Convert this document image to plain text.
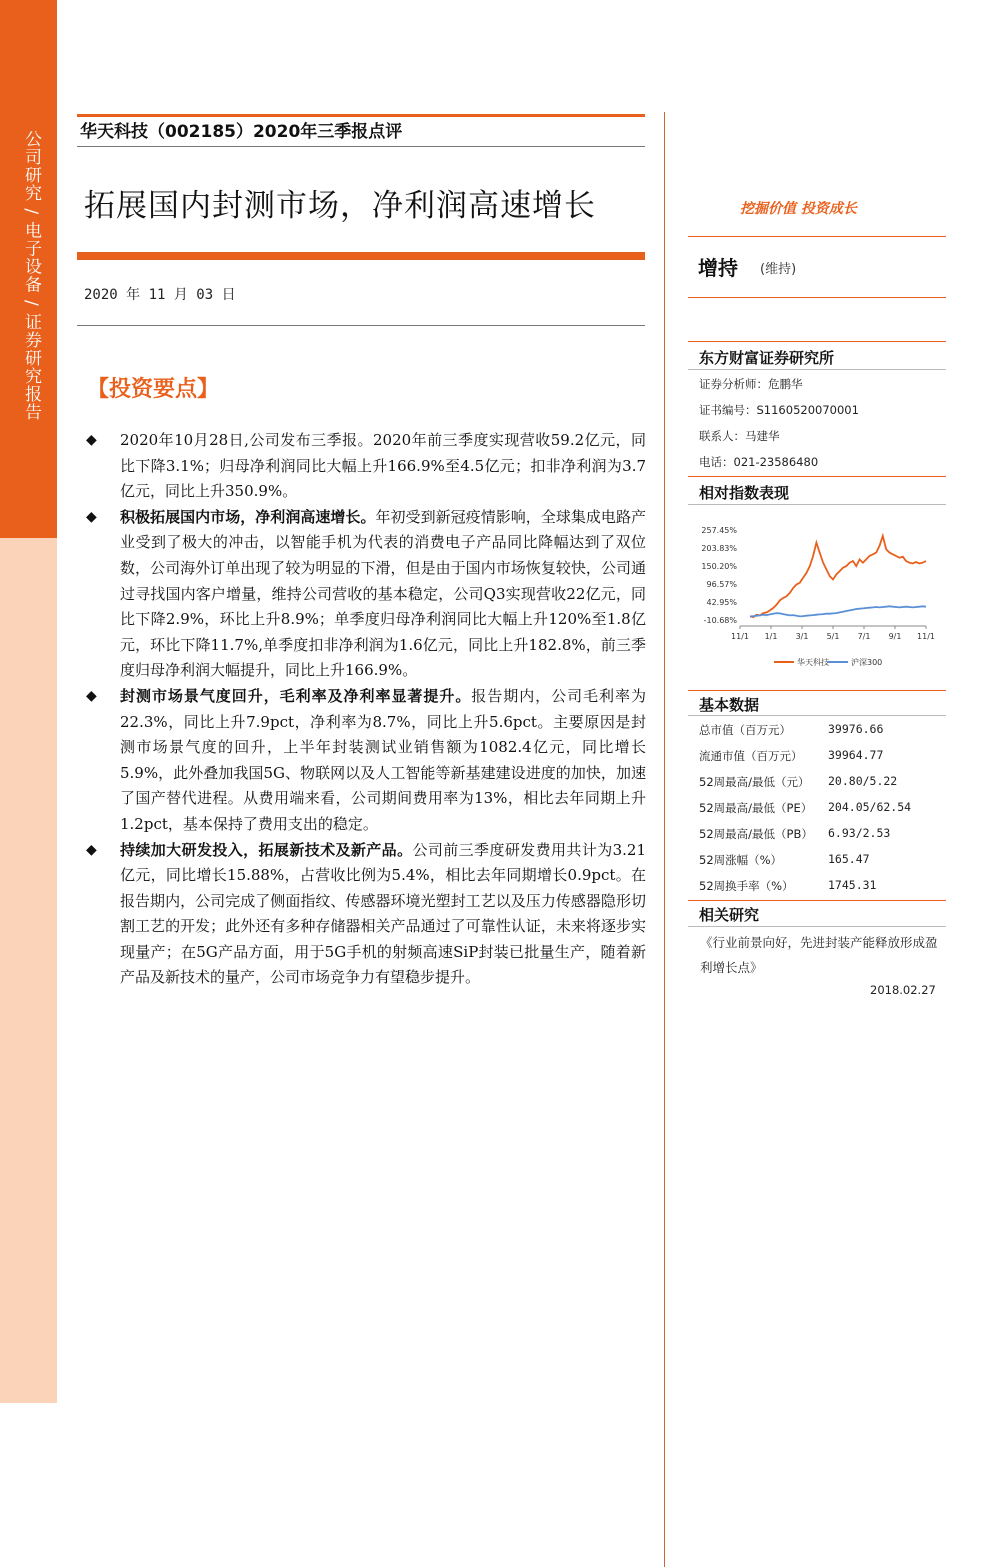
公司研究 / 电子设备 / 证券研究报告 华天科技（002185）2020年三季报点评
拓展国内封测市场，净利润高速增长
2020 年 11 月 03 日
【投资要点】
◆ 2020年10月28日,公司发布三季报。2020年前三季度实现营收59.2亿元，同比下降3.1%；归母净利润同比大幅上升166.9%至4.5亿元；扣非净利润为3.7亿元，同比上升350.9%。
◆ 积极拓展国内市场，净利润高速增长。年初受到新冠疫情影响，全球集成电路产业受到了极大的冲击，以智能手机为代表的消费电子产品同比降幅达到了双位数，公司海外订单出现了较为明显的下滑，但是由于国内市场恢复较快，公司通过寻找国内客户增量，维持公司营收的基本稳定，公司Q3实现营收22亿元，同比下降2.9%，环比上升8.9%；单季度归母净利润同比大幅上升120%至1.8亿元，环比下降11.7%,单季度扣非净利润为1.6亿元，同比上升182.8%，前三季度归母净利润大幅提升，同比上升166.9%。
◆ 封测市场景气度回升，毛利率及净利率显著提升。报告期内，公司毛利率为22.3%，同比上升7.9pct，净利率为8.7%，同比上升5.6pct。主要原因是封测市场景气度的回升，上半年封装测试业销售额为1082.4亿元，同比增长5.9%，此外叠加我国5G、物联网以及人工智能等新基建建设进度的加快，加速了国产替代进程。从费用端来看，公司期间费用率为13%，相比去年同期上升1.2pct，基本保持了费用支出的稳定。
◆ 持续加大研发投入，拓展新技术及新产品。公司前三季度研发费用共计为3.21亿元，同比增长15.88%，占营收比例为5.4%，相比去年同期增长0.9pct。在报告期内，公司完成了侧面指纹、传感器环境光塑封工艺以及压力传感器隐形切割工艺的开发；此外还有多种存储器相关产品通过了可靠性认证，未来将逐步实现量产；在5G产品方面，用于5G手机的射频高速SiP封装已批量生产，随着新产品及新技术的量产，公司市场竞争力有望稳步提升。
挖掘价值 投资成长
增持 (维持)
东方财富证券研究所
证券分析师：危鹏华
证书编号：S1160520070001
联系人：马建华
电话：021-23586480
相对指数表现
257.45%
203.83%
150.20%
96.57%
42.95%
-10.68%
11/1 1/1 3/1 5/1 7/1 9/1 11/1
华天科技	沪深300
基本数据
总市值（百万元）	39976.66
流通市值（百万元） 39964.77
52周最高/最低（元） 20.80/5.22
52周最高/最低（PE） 204.05/62.54
52周最高/最低（PB） 6.93/2.53
52周涨幅（%）	165.47
52周换手率（%）	1745.31
相关研究
《行业前景向好，先进封装产能释放形成盈利增长点》
2018.02.27
